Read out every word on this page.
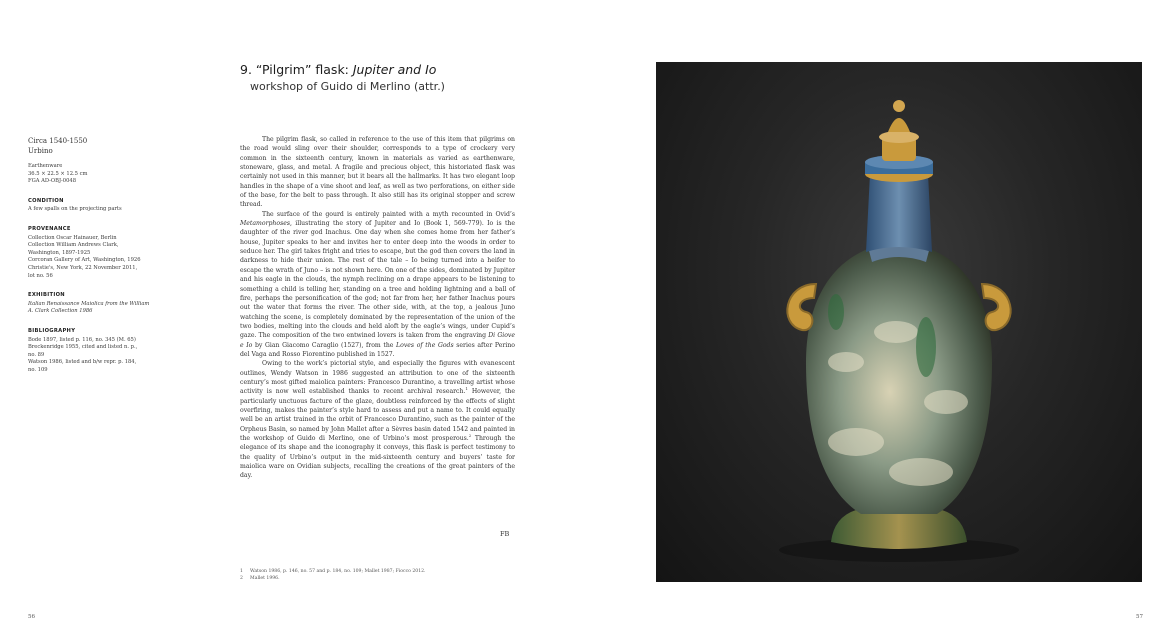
9. “Pilgrim” flask: Jupiter and Io
workshop of Guido di Merlino (attr.)
Circa 1540-1550
Urbino
Earthenware
36.5 × 22.5 × 12.5 cm
FGA AD-OBJ-0048
CONDITION
A few spalls on the projecting parts
PROVENANCE
Collection Oscar Hainauer, Berlin
Collection William Andrews Clark,
Washington, 1897-1925
Corcoran Gallery of Art, Washington, 1926
Christie's, New York, 22 November 2011,
lot no. 56
EXHIBITION
Italian Renaissance Maiolica from the William
A. Clark Collection 1986
BIBLIOGRAPHY
Bode 1897, listed p. 116, no. 345 (M. 65)
Breckenridge 1955, cited and listed n. p.,
no. 89
Watson 1986, listed and b/w repr. p. 184,
no. 109

The pilgrim flask, so called in reference to the use of this item that pilgrims on the road would sling over their shoulder, corresponds to a type of crockery very common in the sixteenth century, known in materials as varied as earthenware, stoneware, glass, and metal. A fragile and precious object, this historiated flask was certainly not used in this manner, but it bears all the hallmarks. It has two elegant loop handles in the shape of a vine shoot and leaf, as well as two perforations, on either side of the base, for the belt to pass through. It also still has its original stopper and screw thread.

The surface of the gourd is entirely painted with a myth recounted in Ovid’s Metamorphoses, illustrating the story of Jupiter and Io (Book 1, 569-779). Io is the daughter of the river god Inachus. One day when she comes home from her father’s house, Jupiter speaks to her and invites her to enter deep into the woods in order to seduce her. The girl takes fright and tries to escape, but the god then covers the land in darkness to hide their union. The rest of the tale – Io being turned into a heifer to escape the wrath of Juno – is not shown here. On one of the sides, dominated by Jupiter and his eagle in the clouds, the nymph reclining on a drape appears to be listening to something a child is telling her, standing on a tree and holding lightning and a ball of fire, perhaps the personification of the god; not far from her, her father Inachus pours out the water that forms the river. The other side, with, at the top, a jealous Juno watching the scene, is completely dominated by the representation of the union of the two bodies, melting into the clouds and held aloft by the eagle’s wings, under Cupid’s gaze. The composition of the two entwined lovers is taken from the engraving Di Giove e Io by Gian Giacomo Caraglio (1527), from the Loves of the Gods series after Perino del Vaga and Rosso Fiorentino published in 1527.

Owing to the work’s pictorial style, and especially the figures with evanescent outlines, Wendy Watson in 1986 suggested an attribution to one of the sixteenth century’s most gifted maiolica painters: Francesco Durantino, a travelling artist whose activity is now well established thanks to recent archival research.$^1$ However, the particularly unctuous facture of the glaze, doubtless reinforced by the effects of slight overfiring, makes the painter’s style hard to assess and put a name to. It could equally well be an artist trained in the orbit of Francesco Durantino, such as the painter of the Orpheus Basin, so named by John Mallet after a Sèvres basin dated 1542 and painted in the workshop of Guido di Merlino, one of Urbino’s most prosperous.$^2$ Through the elegance of its shape and the iconography it conveys, this flask is perfect testimony to the quality of Urbino’s output in the mid-sixteenth century and buyers’ taste for maiolica ware on Ovidian subjects, recalling the creations of the great painters of the day.

FB
1 Watson 1986, p. 146, no. 57 and p. 184, no. 109; Mallet 1987; Fiocco 2012.
2 Mallet 1996.
56	57
